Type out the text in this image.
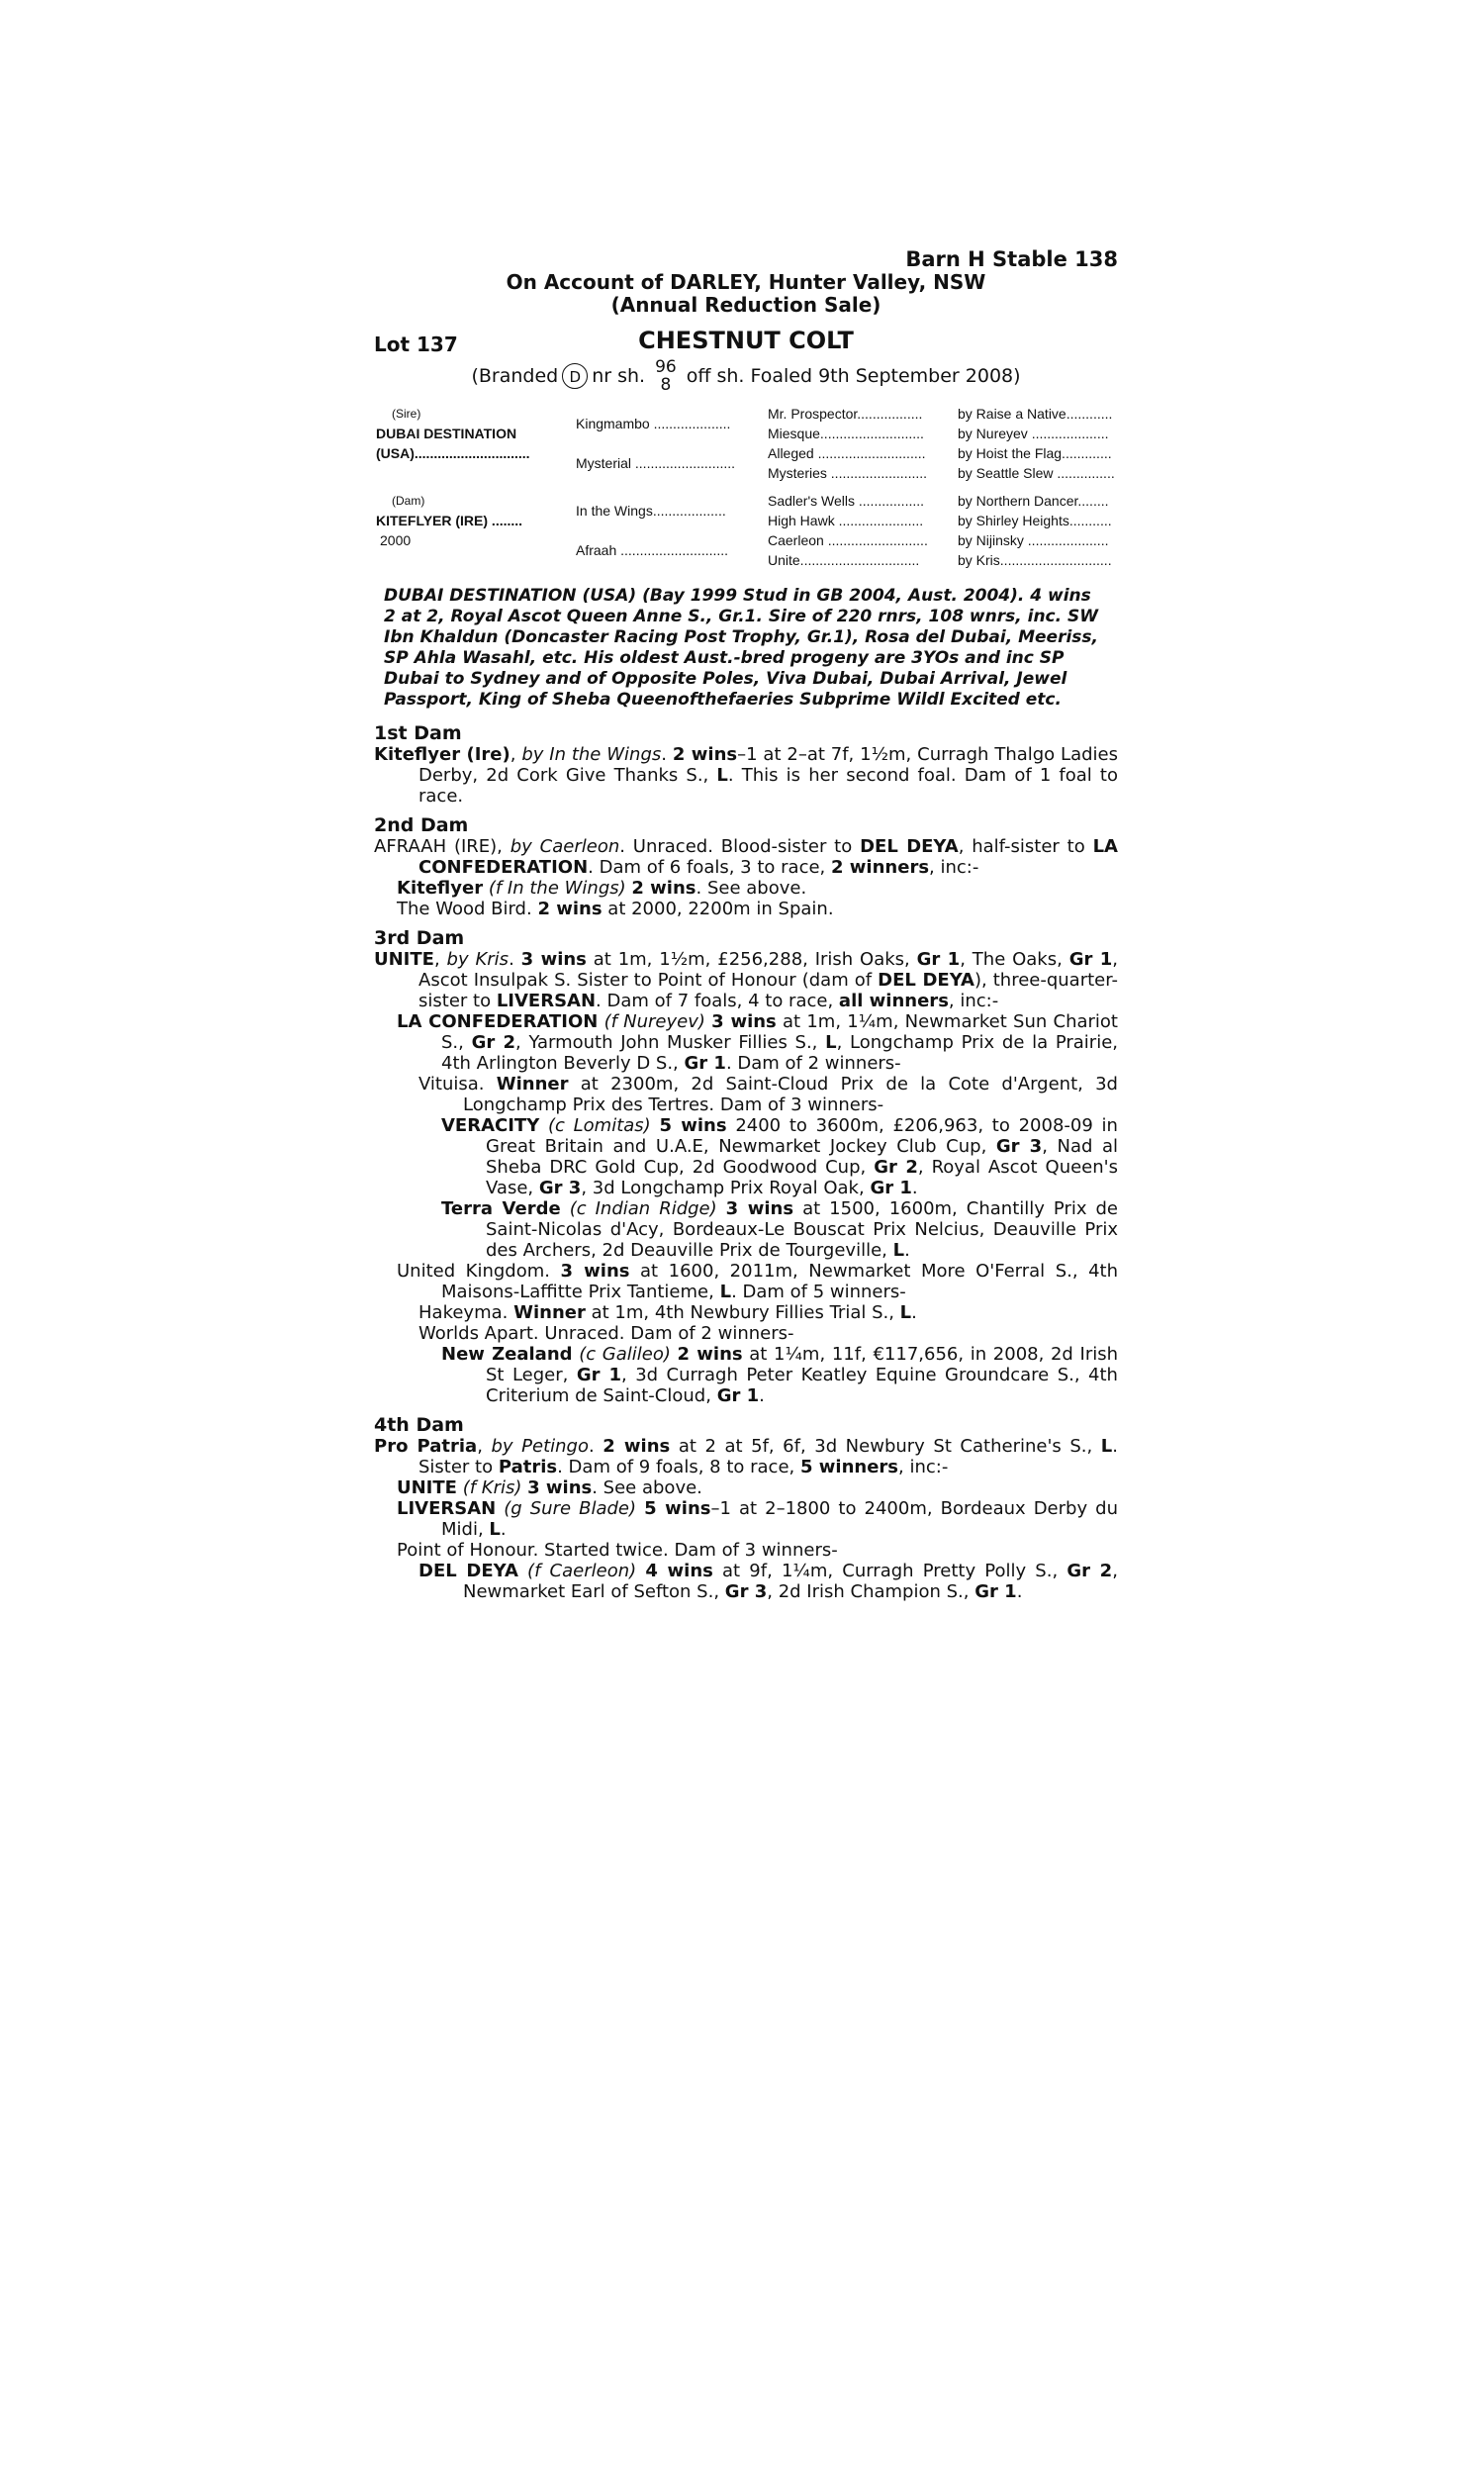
Barn H Stable 138
On Account of DARLEY, Hunter Valley, NSW
(Annual Reduction Sale)
Lot 137	CHESTNUT COLT
(Branded D nr sh. 96
8 off sh. Foaled 9th September 2008)
(Sire)	Kingmambo ....................	Mr. Prospector.................	by Raise a Native............
DUBAI DESTINATION		Miesque...........................	by Nureyev ....................
(USA)..............................	Mysterial ..........................	Alleged ............................	by Hoist the Flag.............
		Mysteries .........................	by Seattle Slew ...............

(Dam)	In the Wings...................	Sadler's Wells .................	by Northern Dancer........
KITEFLYER (IRE) ........		High Hawk ......................	by Shirley Heights...........
2000	Afraah ............................	Caerleon ..........................	by Nijinsky .....................
		Unite...............................	by Kris.............................
DUBAI DESTINATION (USA) (Bay 1999 Stud in GB 2004, Aust. 2004). 4 wins 2 at 2, Royal Ascot Queen Anne S., Gr.1. Sire of 220 rnrs, 108 wnrs, inc. SW Ibn Khaldun (Doncaster Racing Post Trophy, Gr.1), Rosa del Dubai, Meeriss, SP Ahla Wasahl, etc. His oldest Aust.-bred progeny are 3YOs and inc SP Dubai to Sydney and of Opposite Poles, Viva Dubai, Dubai Arrival, Jewel Passport, King of Sheba Queenofthefaeries Subprime Wildl Excited etc.
1st Dam
Kiteflyer (Ire), by In the Wings. 2 wins–1 at 2–at 7f, 1½m, Curragh Thalgo Ladies Derby, 2d Cork Give Thanks S., L. This is her second foal. Dam of 1 foal to race.
2nd Dam
AFRAAH (IRE), by Caerleon. Unraced. Blood-sister to DEL DEYA, half-sister to LA CONFEDERATION. Dam of 6 foals, 3 to race, 2 winners, inc:-
Kiteflyer (f In the Wings) 2 wins. See above.
The Wood Bird. 2 wins at 2000, 2200m in Spain.
3rd Dam
UNITE, by Kris. 3 wins at 1m, 1½m, £256,288, Irish Oaks, Gr 1, The Oaks, Gr 1, Ascot Insulpak S. Sister to Point of Honour (dam of DEL DEYA), three-quarter-sister to LIVERSAN. Dam of 7 foals, 4 to race, all winners, inc:-
LA CONFEDERATION (f Nureyev) 3 wins at 1m, 1¼m, Newmarket Sun Chariot S., Gr 2, Yarmouth John Musker Fillies S., L, Longchamp Prix de la Prairie, 4th Arlington Beverly D S., Gr 1. Dam of 2 winners-
Vituisa. Winner at 2300m, 2d Saint-Cloud Prix de la Cote d'Argent, 3d Longchamp Prix des Tertres. Dam of 3 winners-
VERACITY (c Lomitas) 5 wins 2400 to 3600m, £206,963, to 2008-09 in Great Britain and U.A.E, Newmarket Jockey Club Cup, Gr 3, Nad al Sheba DRC Gold Cup, 2d Goodwood Cup, Gr 2, Royal Ascot Queen's Vase, Gr 3, 3d Longchamp Prix Royal Oak, Gr 1.
Terra Verde (c Indian Ridge) 3 wins at 1500, 1600m, Chantilly Prix de Saint-Nicolas d'Acy, Bordeaux-Le Bouscat Prix Nelcius, Deauville Prix des Archers, 2d Deauville Prix de Tourgeville, L.
United Kingdom. 3 wins at 1600, 2011m, Newmarket More O'Ferral S., 4th Maisons-Laffitte Prix Tantieme, L. Dam of 5 winners-
Hakeyma. Winner at 1m, 4th Newbury Fillies Trial S., L.
Worlds Apart. Unraced. Dam of 2 winners-
New Zealand (c Galileo) 2 wins at 1¼m, 11f, €117,656, in 2008, 2d Irish St Leger, Gr 1, 3d Curragh Peter Keatley Equine Groundcare S., 4th Criterium de Saint-Cloud, Gr 1.
4th Dam
Pro Patria, by Petingo. 2 wins at 2 at 5f, 6f, 3d Newbury St Catherine's S., L. Sister to Patris. Dam of 9 foals, 8 to race, 5 winners, inc:-
UNITE (f Kris) 3 wins. See above.
LIVERSAN (g Sure Blade) 5 wins–1 at 2–1800 to 2400m, Bordeaux Derby du Midi, L.
Point of Honour. Started twice. Dam of 3 winners-
DEL DEYA (f Caerleon) 4 wins at 9f, 1¼m, Curragh Pretty Polly S., Gr 2, Newmarket Earl of Sefton S., Gr 3, 2d Irish Champion S., Gr 1.
